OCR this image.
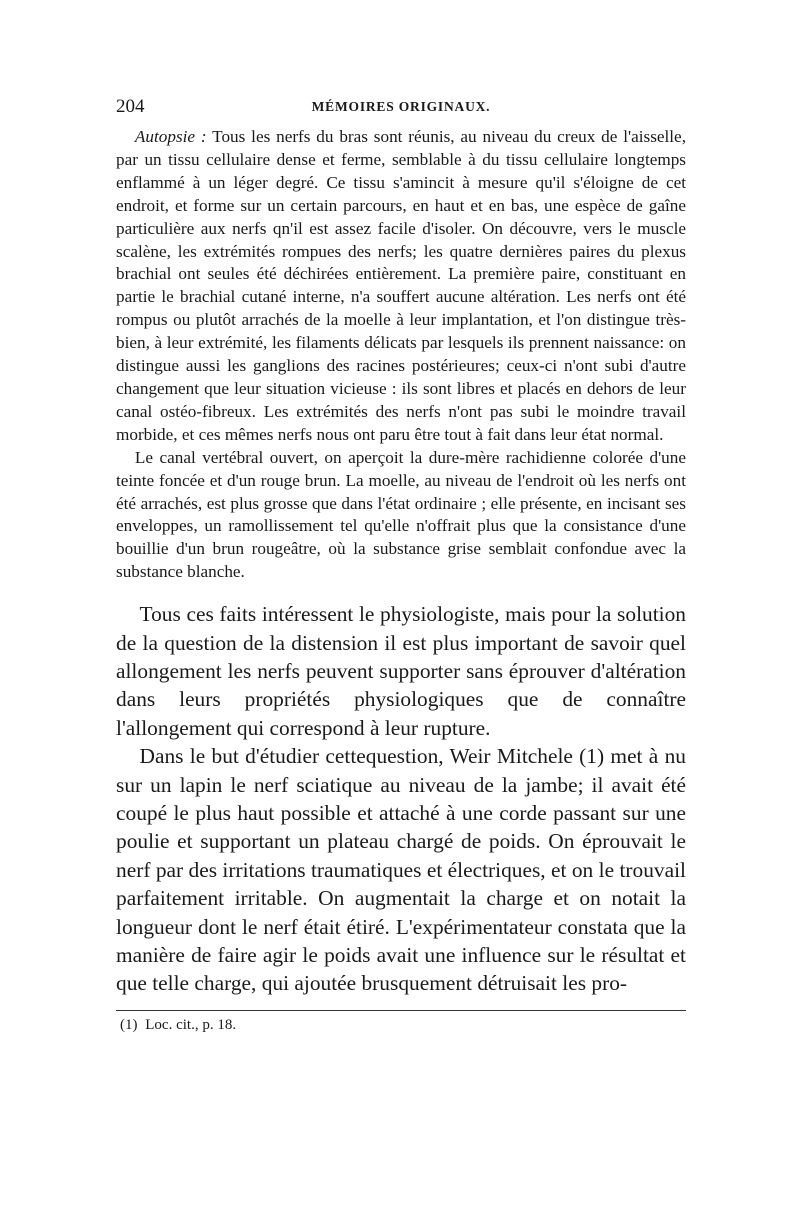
204	MÉMOIRES ORIGINAUX.

Autopsie : Tous les nerfs du bras sont réunis, au niveau du creux de l'aisselle, par un tissu cellulaire dense et ferme, semblable à du tissu cellulaire longtemps enflammé à un léger degré. Ce tissu s'amincit à mesure qu'il s'éloigne de cet endroit, et forme sur un certain parcours, en haut et en bas, une espèce de gaîne particulière aux nerfs qn'il est assez facile d'isoler. On découvre, vers le muscle scalène, les extrémités rompues des nerfs; les quatre dernières paires du plexus brachial ont seules été déchirées entièrement. La première paire, constituant en partie le brachial cutané interne, n'a souffert aucune altération. Les nerfs ont été rompus ou plutôt arrachés de la moelle à leur implantation, et l'on distingue très-bien, à leur extrémité, les filaments délicats par lesquels ils prennent naissance: on distingue aussi les ganglions des racines postérieures; ceux-ci n'ont subi d'autre changement que leur situation vicieuse : ils sont libres et placés en dehors de leur canal ostéo-fibreux. Les extrémités des nerfs n'ont pas subi le moindre travail morbide, et ces mêmes nerfs nous ont paru être tout à fait dans leur état normal.

Le canal vertébral ouvert, on aperçoit la dure-mère rachidienne colorée d'une teinte foncée et d'un rouge brun. La moelle, au niveau de l'endroit où les nerfs ont été arrachés, est plus grosse que dans l'état ordinaire ; elle présente, en incisant ses enveloppes, un ramollissement tel qu'elle n'offrait plus que la consistance d'une bouillie d'un brun rougeâtre, où la substance grise semblait confondue avec la substance blanche.

Tous ces faits intéressent le physiologiste, mais pour la solution de la question de la distension il est plus important de savoir quel allongement les nerfs peuvent supporter sans éprouver d'altération dans leurs propriétés physiologiques que de connaître l'allongement qui correspond à leur rupture.

Dans le but d'étudier cettequestion, Weir Mitchele (1) met à nu sur un lapin le nerf sciatique au niveau de la jambe; il avait été coupé le plus haut possible et attaché à une corde passant sur une poulie et supportant un plateau chargé de poids. On éprouvait le nerf par des irritations traumatiques et électriques, et on le trouvail parfaitement irritable. On augmentait la charge et on notait la longueur dont le nerf était étiré. L'expérimentateur constata que la manière de faire agir le poids avait une influence sur le résultat et que telle charge, qui ajoutée brusquement détruisait les pro-

(1) Loc. cit., p. 18.
